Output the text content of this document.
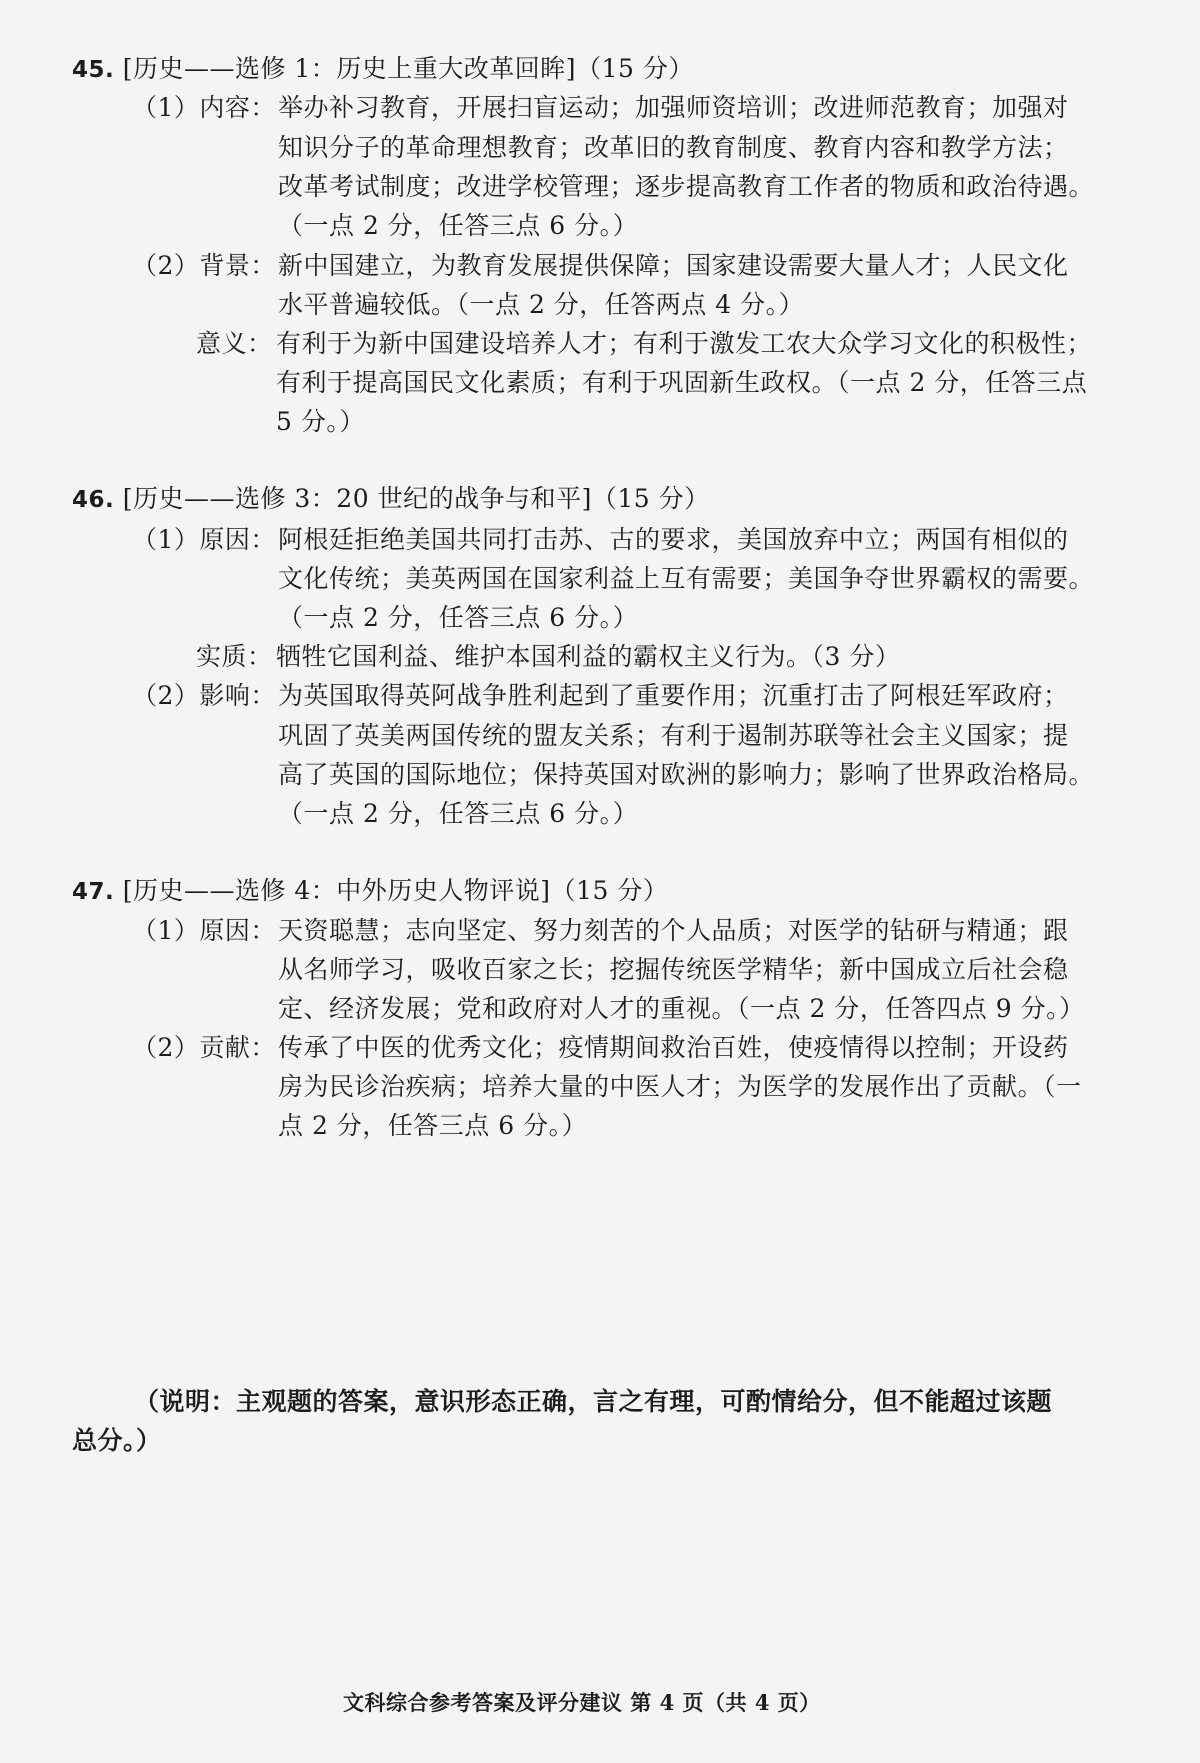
45. [历史——选修 1：历史上重大改革回眸]（15 分）
（1）内容： 举办补习教育，开展扫盲运动；加强师资培训；改进师范教育；加强对
知识分子的革命理想教育；改革旧的教育制度、教育内容和教学方法；
改革考试制度；改进学校管理；逐步提高教育工作者的物质和政治待遇。
（一点 2 分，任答三点 6 分。）
（2）背景： 新中国建立，为教育发展提供保障；国家建设需要大量人才；人民文化
水平普遍较低。（一点 2 分，任答两点 4 分。）
意义： 有利于为新中国建设培养人才；有利于激发工农大众学习文化的积极性；
有利于提高国民文化素质；有利于巩固新生政权。（一点 2 分，任答三点
5 分。）
46. [历史——选修 3：20 世纪的战争与和平]（15 分）
（1）原因： 阿根廷拒绝美国共同打击苏、古的要求，美国放弃中立；两国有相似的
文化传统；美英两国在国家利益上互有需要；美国争夺世界霸权的需要。
（一点 2 分，任答三点 6 分。）
实质： 牺牲它国利益、维护本国利益的霸权主义行为。（3 分）
（2）影响： 为英国取得英阿战争胜利起到了重要作用；沉重打击了阿根廷军政府；
巩固了英美两国传统的盟友关系；有利于遏制苏联等社会主义国家；提
高了英国的国际地位；保持英国对欧洲的影响力；影响了世界政治格局。
（一点 2 分，任答三点 6 分。）
47. [历史——选修 4：中外历史人物评说]（15 分）
（1）原因： 天资聪慧；志向坚定、努力刻苦的个人品质；对医学的钻研与精通；跟
从名师学习，吸收百家之长；挖掘传统医学精华；新中国成立后社会稳
定、经济发展；党和政府对人才的重视。（一点 2 分，任答四点 9 分。）
（2）贡献： 传承了中医的优秀文化；疫情期间救治百姓，使疫情得以控制；开设药
房为民诊治疾病；培养大量的中医人才；为医学的发展作出了贡献。（一
点 2 分，任答三点 6 分。）
（说明：主观题的答案，意识形态正确，言之有理，可酌情给分，但不能超过该题
总分。）
文科综合参考答案及评分建议 第 4 页（共 4 页）
